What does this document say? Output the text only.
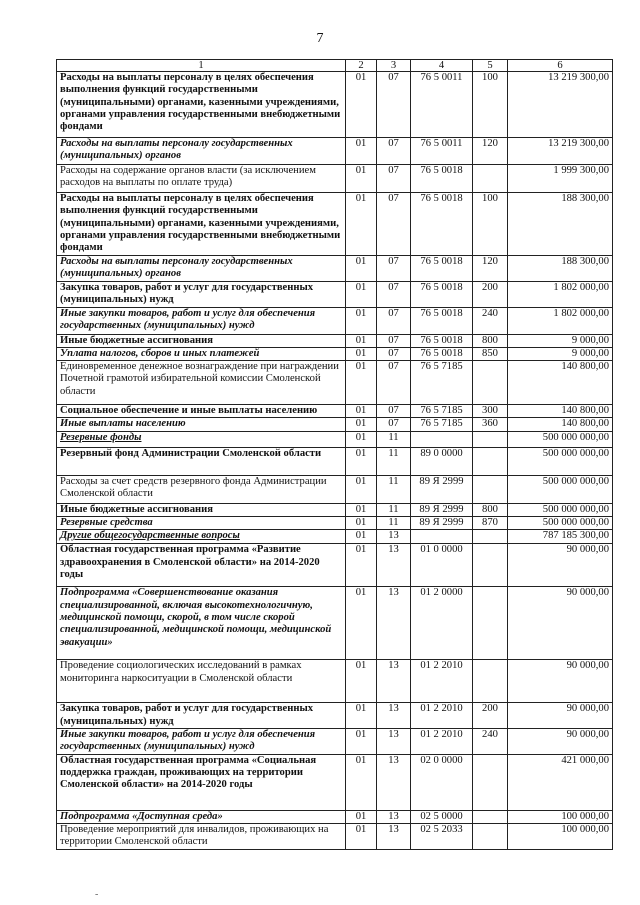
7
1	2	3	4	5	6
Расходы на выплаты персоналу в целях обеспечения выполнения функций государственными (муниципальными) органами, казенными учреждениями, органами управления государственными внебюджетными фондами	01	07	76 5 0011	100	13 219 300,00
Расходы на выплаты персоналу государственных (муниципальных) органов	01	07	76 5 0011	120	13 219 300,00
Расходы на содержание органов власти (за исключением расходов на выплаты по оплате труда)	01	07	76 5 0018		1 999 300,00
Расходы на выплаты персоналу в целях обеспечения выполнения функций государственными (муниципальными) органами, казенными учреждениями, органами управления государственными внебюджетными фондами	01	07	76 5 0018	100	188 300,00
Расходы на выплаты персоналу государственных (муниципальных) органов	01	07	76 5 0018	120	188 300,00
Закупка товаров, работ и услуг для государственных (муниципальных) нужд	01	07	76 5 0018	200	1 802 000,00
Иные закупки товаров, работ и услуг для обеспечения государственных (муниципальных) нужд	01	07	76 5 0018	240	1 802 000,00
Иные бюджетные ассигнования	01	07	76 5 0018	800	9 000,00
Уплата налогов, сборов и иных платежей	01	07	76 5 0018	850	9 000,00
Единовременное денежное вознаграждение при награждении Почетной грамотой избирательной комиссии Смоленской области	01	07	76 5 7185		140 800,00
Социальное обеспечение и иные выплаты населению	01	07	76 5 7185	300	140 800,00
Иные выплаты населению	01	07	76 5 7185	360	140 800,00
Резервные фонды	01	11			500 000 000,00
Резервный фонд Администрации Смоленской области	01	11	89 0 0000		500 000 000,00
Расходы за счет средств резервного фонда Администрации Смоленской области	01	11	89 Я 2999		500 000 000,00
Иные бюджетные ассигнования	01	11	89 Я 2999	800	500 000 000,00
Резервные средства	01	11	89 Я 2999	870	500 000 000,00
Другие общегосударственные вопросы	01	13			787 185 300,00
Областная государственная программа «Развитие здравоохранения в Смоленской области» на 2014-2020 годы	01	13	01 0 0000		90 000,00
Подпрограмма «Совершенствование оказания специализированной, включая высокотехнологичную, медицинской помощи, скорой, в том числе скорой специализированной, медицинской помощи, медицинской эвакуации»	01	13	01 2 0000		90 000,00
Проведение социологических исследований в рамках мониторинга наркоситуации в Смоленской области	01	13	01 2 2010		90 000,00
Закупка товаров, работ и услуг для государственных (муниципальных) нужд	01	13	01 2 2010	200	90 000,00
Иные закупки товаров, работ и услуг для обеспечения государственных (муниципальных) нужд	01	13	01 2 2010	240	90 000,00
Областная государственная программа «Социальная поддержка граждан, проживающих на территории Смоленской области» на 2014-2020 годы	01	13	02 0 0000		421 000,00
Подпрограмма «Доступная среда»	01	13	02 5 0000		100 000,00
Проведение мероприятий для инвалидов, проживающих на территории Смоленской области	01	13	02 5 2033		100 000,00
-
